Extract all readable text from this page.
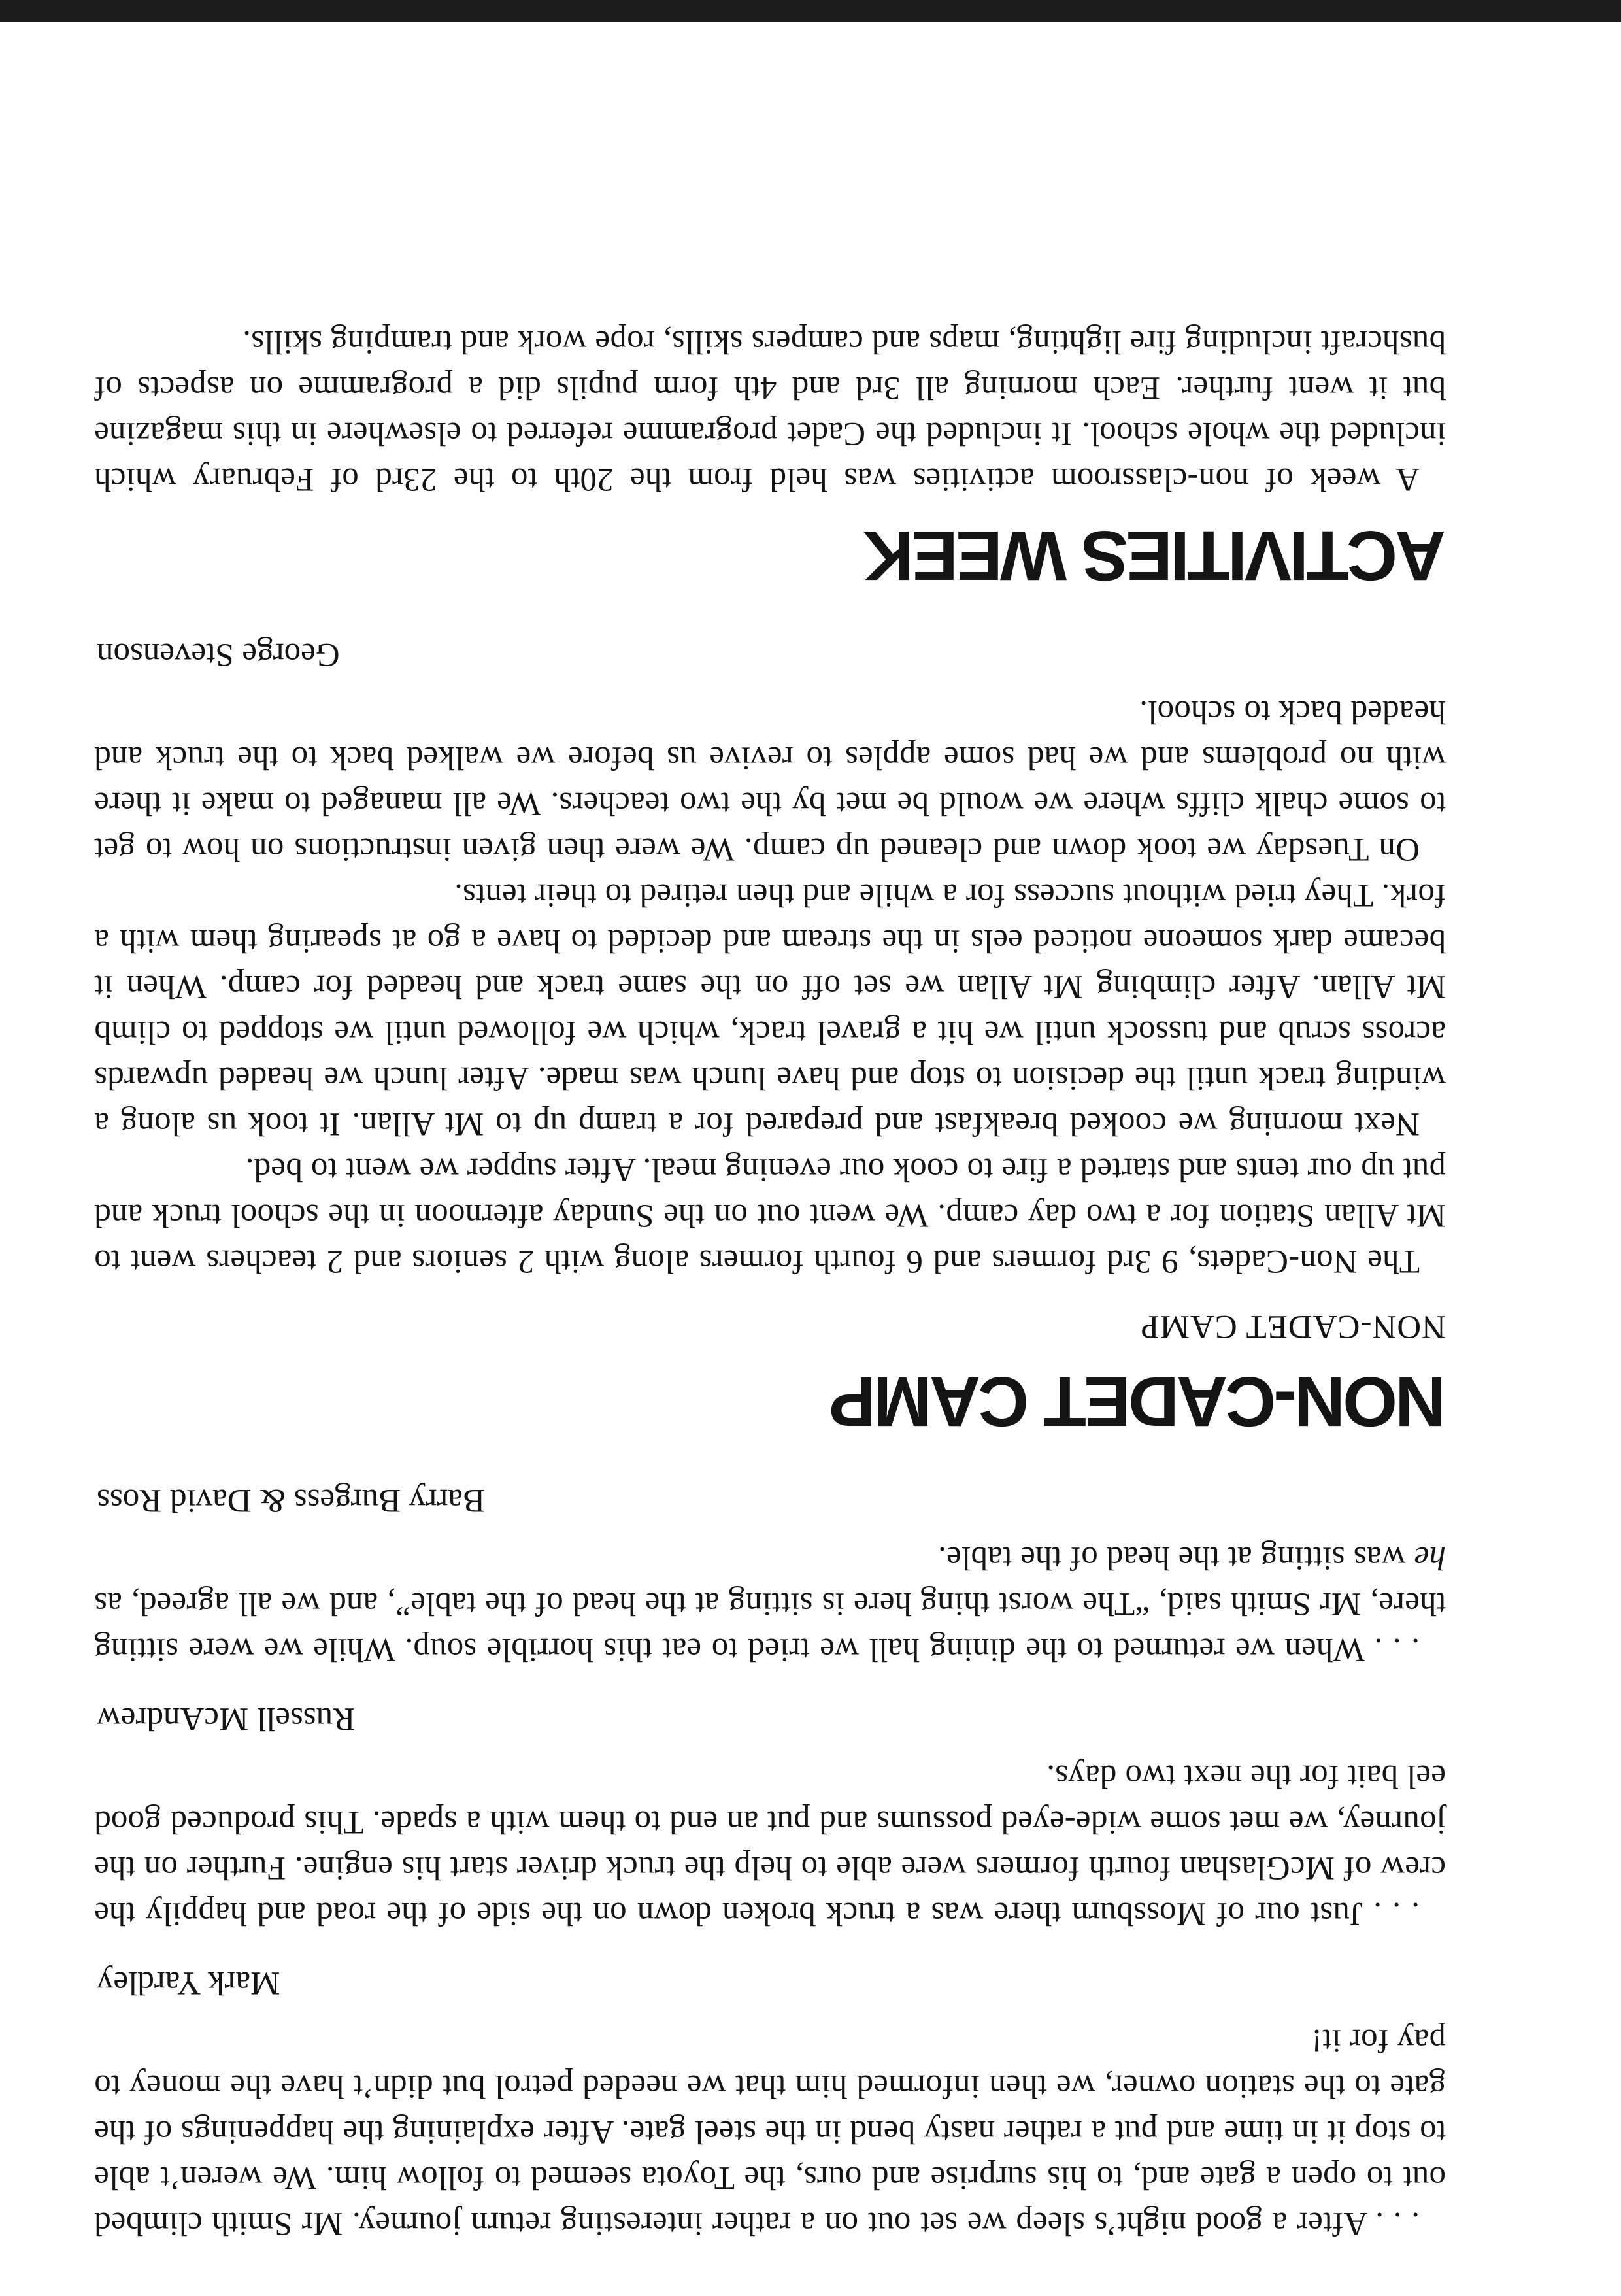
. . . After a good night’s sleep we set out on a rather interesting return journey. Mr Smith climbed out to open a gate and, to his surprise and ours, the Toyota seemed to follow him. We weren’t able to stop it in time and put a rather nasty bend in the steel gate. After explaining the happenings of the gate to the station owner, we then informed him that we needed petrol but didn’t have the money to pay for it!

Mark Yardley

. . . Just our of Mossburn there was a truck broken down on the side of the road and happily the crew of McGlashan fourth formers were able to help the truck driver start his engine. Further on the journey, we met some wide-eyed possums and put an end to them with a spade. This produced good eel bait for the next two days.

Russell McAndrew

. . . When we returned to the dining hall we tried to eat this horrible soup. While we were sitting there, Mr Smith said, “The worst thing here is sitting at the head of the table”, and we all agreed, as he was sitting at the head of the table.

Barry Burgess & David Ross
NON-CADET CAMP
NON-CADET CAMP

The Non-Cadets, 9 3rd formers and 6 fourth formers along with 2 seniors and 2 teachers went to Mt Allan Station for a two day camp. We went out on the Sunday afternoon in the school truck and put up our tents and started a fire to cook our evening meal. After supper we went to bed.

Next morning we cooked breakfast and prepared for a tramp up to Mt Allan. It took us along a winding track until the decision to stop and have lunch was made. After lunch we headed upwards across scrub and tussock until we hit a gravel track, which we followed until we stopped to climb Mt Allan. After climbing Mt Allan we set off on the same track and headed for camp. When it became dark someone noticed eels in the stream and decided to have a go at spearing them with a fork. They tried without success for a while and then retired to their tents.

On Tuesday we took down and cleaned up camp. We were then given instructions on how to get to some chalk cliffs where we would be met by the two teachers. We all managed to make it there with no problems and we had some apples to revive us before we walked back to the truck and headed back to school.

George Stevenson
ACTIVITIES WEEK

A week of non-classroom activities was held from the 20th to the 23rd of February which included the whole school. It included the Cadet programme referred to elsewhere in this magazine but it went further. Each morning all 3rd and 4th form pupils did a programme on aspects of bushcraft including fire lighting, maps and campers skills, rope work and tramping skills.
